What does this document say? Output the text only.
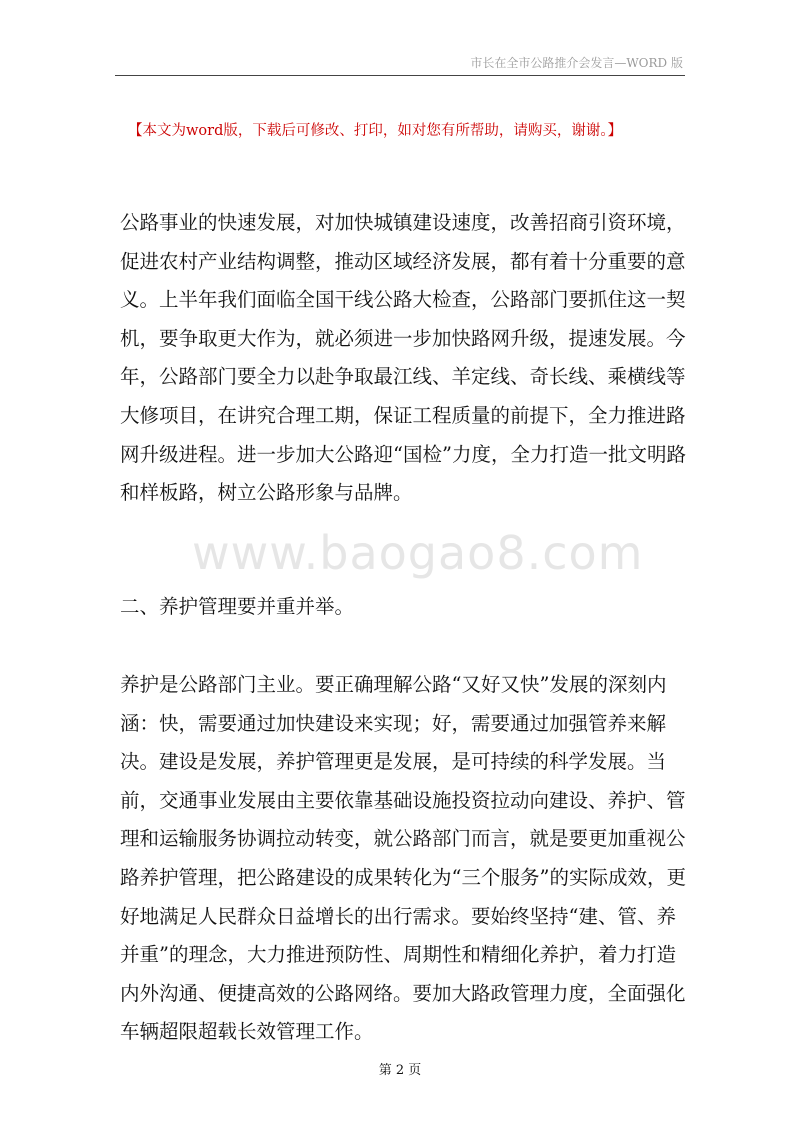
市长在全市公路推介会发言—WORD 版
【本文为word版，下载后可修改、打印，如对您有所帮助，请购买，谢谢。】
www.baogao8.com

公路事业的快速发展，对加快城镇建设速度，改善招商引资环境，促进农村产业结构调整，推动区域经济发展，都有着十分重要的意义。上半年我们面临全国干线公路大检查，公路部门要抓住这一契机，要争取更大作为，就必须进一步加快路网升级，提速发展。今年，公路部门要全力以赴争取最江线、羊定线、奇长线、乘横线等大修项目，在讲究合理工期，保证工程质量的前提下，全力推进路网升级进程。进一步加大公路迎“国检”力度，全力打造一批文明路和样板路，树立公路形象与品牌。

二、养护管理要并重并举。

养护是公路部门主业。要正确理解公路“又好又快”发展的深刻内涵：快，需要通过加快建设来实现；好，需要通过加强管养来解决。建设是发展，养护管理更是发展，是可持续的科学发展。当前，交通事业发展由主要依靠基础设施投资拉动向建设、养护、管理和运输服务协调拉动转变，就公路部门而言，就是要更加重视公路养护管理，把公路建设的成果转化为“三个服务”的实际成效，更好地满足人民群众日益增长的出行需求。要始终坚持“建、管、养并重”的理念，大力推进预防性、周期性和精细化养护，着力打造内外沟通、便捷高效的公路网络。要加大路政管理力度，全面强化车辆超限超载长效管理工作。

第 2 页
